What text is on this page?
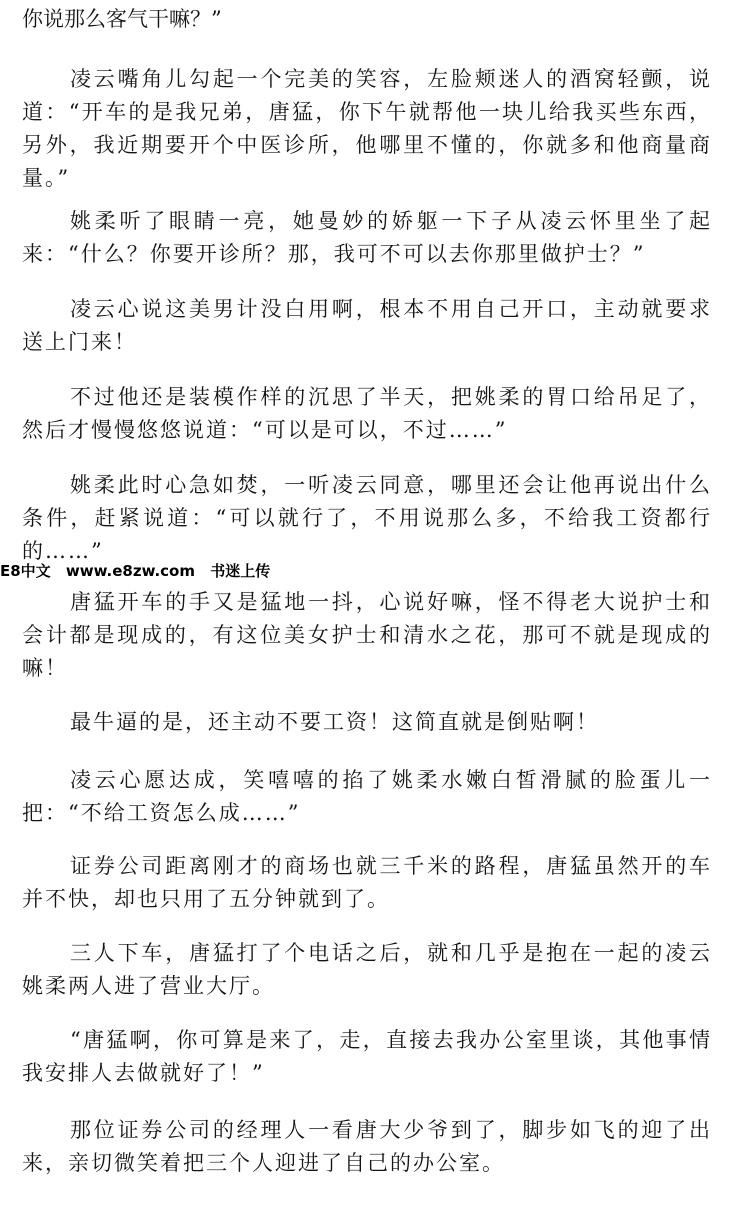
你说那么客气干嘛？”

凌云嘴角儿勾起一个完美的笑容，左脸颊迷人的酒窝轻颤，说道：“开车的是我兄弟，唐猛，你下午就帮他一块儿给我买些东西，另外，我近期要开个中医诊所，他哪里不懂的，你就多和他商量商量。”

姚柔听了眼睛一亮，她曼妙的娇躯一下子从凌云怀里坐了起来：“什么？你要开诊所？那，我可不可以去你那里做护士？”

凌云心说这美男计没白用啊，根本不用自己开口，主动就要求送上门来！

不过他还是装模作样的沉思了半天，把姚柔的胃口给吊足了，然后才慢慢悠悠说道：“可以是可以，不过……”

姚柔此时心急如焚，一听凌云同意，哪里还会让他再说出什么条件，赶紧说道：“可以就行了，不用说那么多，不给我工资都行的……”

E8中文 www.e8zw.com 书迷上传

唐猛开车的手又是猛地一抖，心说好嘛，怪不得老大说护士和会计都是现成的，有这位美女护士和清水之花，那可不就是现成的嘛！

最牛逼的是，还主动不要工资！这简直就是倒贴啊！

凌云心愿达成，笑嘻嘻的掐了姚柔水嫩白皙滑腻的脸蛋儿一把：“不给工资怎么成……”

证券公司距离刚才的商场也就三千米的路程，唐猛虽然开的车并不快，却也只用了五分钟就到了。

三人下车，唐猛打了个电话之后，就和几乎是抱在一起的凌云姚柔两人进了营业大厅。

“唐猛啊，你可算是来了，走，直接去我办公室里谈，其他事情我安排人去做就好了！”

那位证券公司的经理人一看唐大少爷到了，脚步如飞的迎了出来，亲切微笑着把三个人迎进了自己的办公室。
